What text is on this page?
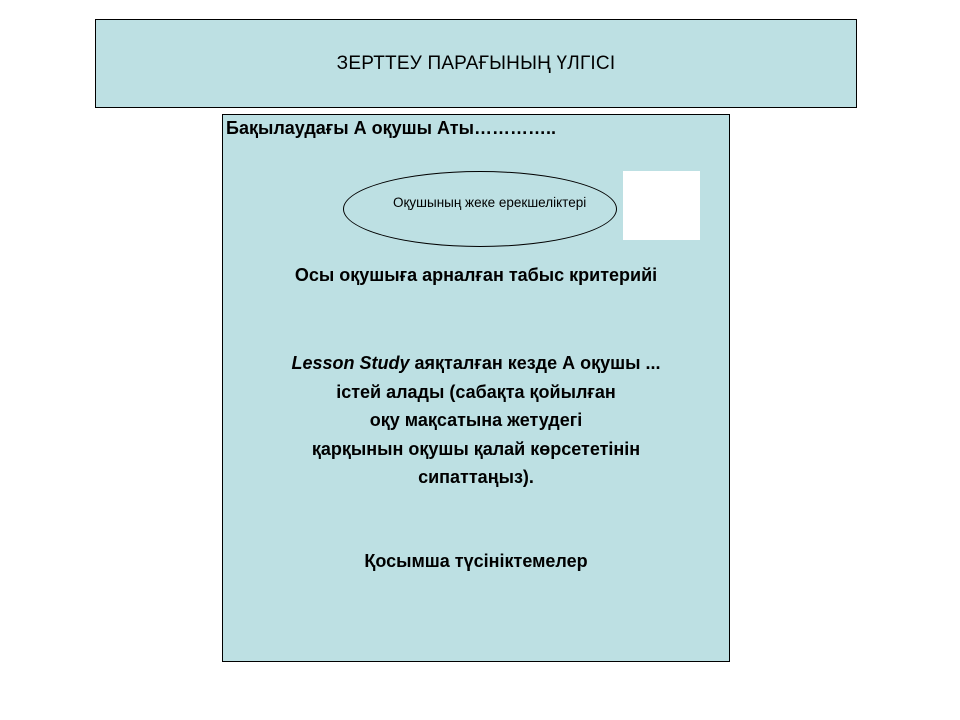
ЗЕРТТЕУ ПАРАҒЫНЫҢ ҮЛГІСІ
Бақылаудағы А оқушы Аты…………..
Оқушының жеке ерекшеліктері
Осы оқушыға арналған табыс критерийі
Lesson Study аяқталған кезде А оқушы ...
істей алады (сабақта қойылған
оқу мақсатына жетудегі
қарқынын оқушы қалай көрсететінін
сипаттаңыз).
Қосымша түсініктемелер
